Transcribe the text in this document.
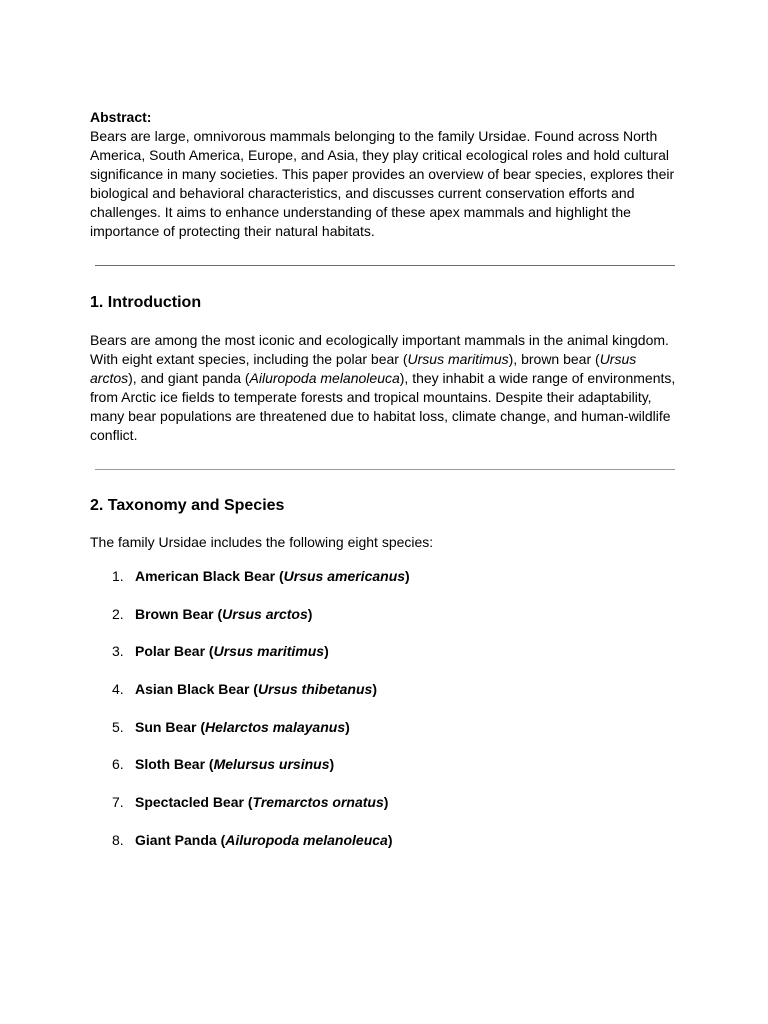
Abstract:

Bears are large, omnivorous mammals belonging to the family Ursidae. Found across North America, South America, Europe, and Asia, they play critical ecological roles and hold cultural significance in many societies. This paper provides an overview of bear species, explores their biological and behavioral characteristics, and discusses current conservation efforts and challenges. It aims to enhance understanding of these apex mammals and highlight the importance of protecting their natural habitats.

1. Introduction

Bears are among the most iconic and ecologically important mammals in the animal kingdom. With eight extant species, including the polar bear (Ursus maritimus), brown bear (Ursus arctos), and giant panda (Ailuropoda melanoleuca), they inhabit a wide range of environments, from Arctic ice fields to temperate forests and tropical mountains. Despite their adaptability, many bear populations are threatened due to habitat loss, climate change, and human-wildlife conflict.

2. Taxonomy and Species

The family Ursidae includes the following eight species:

1. American Black Bear (Ursus americanus)
2. Brown Bear (Ursus arctos)
3. Polar Bear (Ursus maritimus)
4. Asian Black Bear (Ursus thibetanus)
5. Sun Bear (Helarctos malayanus)
6. Sloth Bear (Melursus ursinus)
7. Spectacled Bear (Tremarctos ornatus)
8. Giant Panda (Ailuropoda melanoleuca)
